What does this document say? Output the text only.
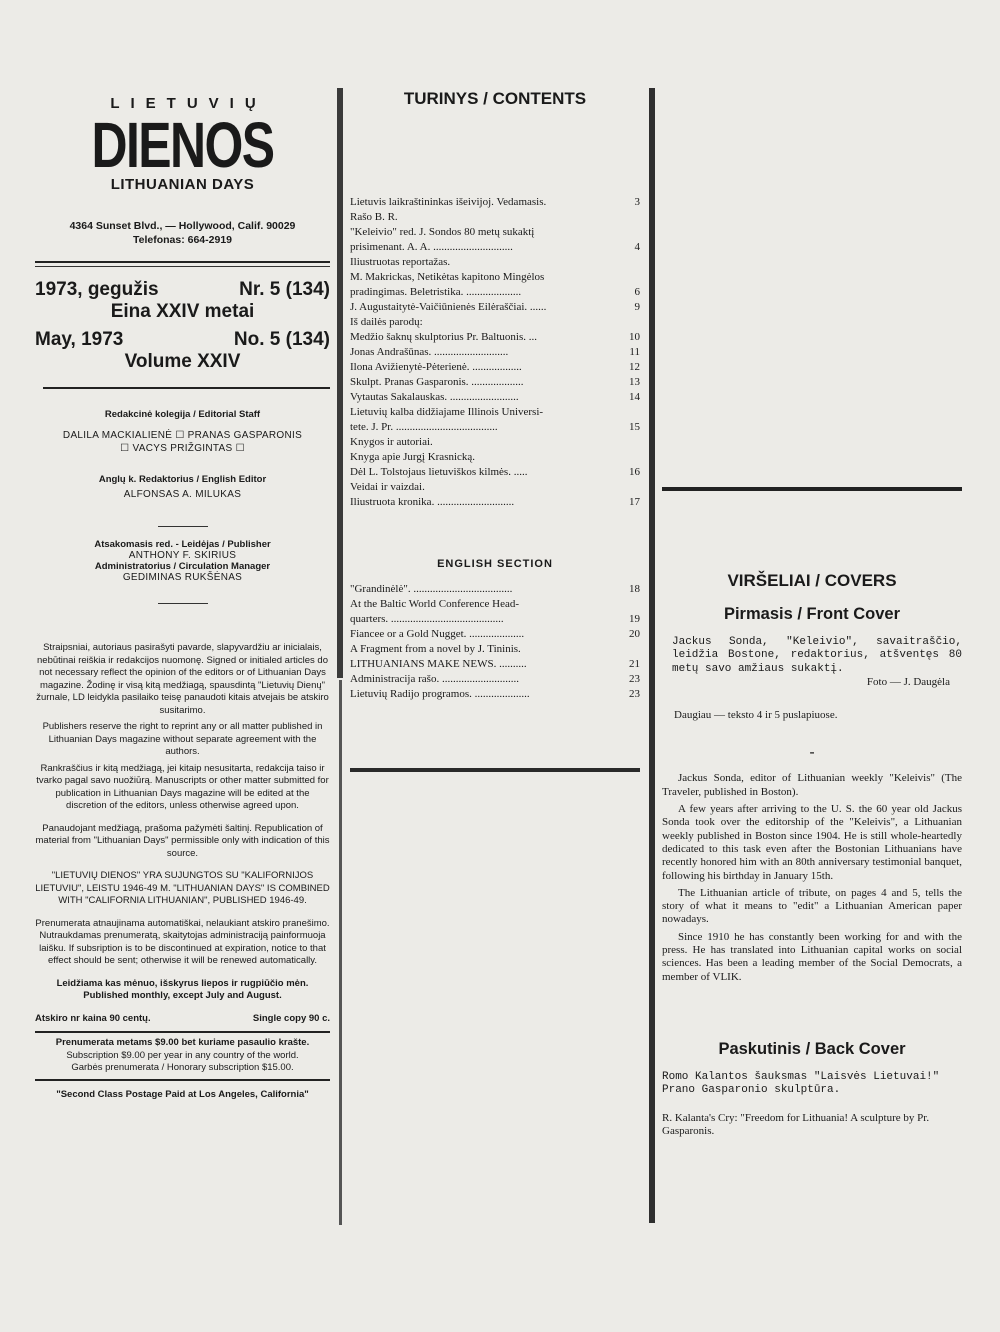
LIETUVIŲ
DIENOS
LITHUANIAN DAYS
4364 Sunset Blvd., — Hollywood, Calif. 90029
Telefonas: 664-2919
1973, gegužis	Nr. 5 (134)
Eina XXIV metai
May, 1973	No. 5 (134)
Volume XXIV
Redakcinė kolegija / Editorial Staff
DALILA MACKIALIENĖ ☐ PRANAS GASPARONIS
☐ VACYS PRIŽGINTAS ☐
Anglų k. Redaktorius / English Editor
ALFONSAS A. MILUKAS
Atsakomasis red. - Leidėjas / Publisher
ANTHONY F. SKIRIUS
Administratorius / Circulation Manager
GEDIMINAS RUKŠĖNAS
Straipsniai, autoriaus pasirašyti pavarde, slapyvardžiu ar inicialais, nebūtinai reiškia ir redakcijos nuomonę. Signed or initialed articles do not necessary reflect the opinion of the editors or of Lithuanian Days magazine. Žodinę ir visą kitą medžiagą, spausdintą "Lietuvių Dienų" žurnale, LD leidykla pasilaiko teisę panaudoti kitais atvejais be atskiro susitarimo.
Publishers reserve the right to reprint any or all matter published in Lithuanian Days magazine without separate agreement with the authors.
Rankraščius ir kitą medžiagą, jei kitaip nesusitarta, redakcija taiso ir tvarko pagal savo nuožiūrą. Manuscripts or other matter submitted for publication in Lithuanian Days magazine will be edited at the discretion of the editors, unless otherwise agreed upon.
Panaudojant medžiagą, prašoma pažymėti šaltinį. Republication of material from "Lithuanian Days" permissible only with indication of this source.
"LIETUVIŲ DIENOS" YRA SUJUNGTOS SU "KALIFORNIJOS LIETUVIU", LEISTU 1946-49 M. "LITHUANIAN DAYS" IS COMBINED WITH "CALIFORNIA LITHUANIAN", PUBLISHED 1946-49.
Prenumerata atnaujinama automatiškai, nelaukiant atskiro pranešimo. Nutraukdamas prenumeratą, skaitytojas administraciją painformuoja laišku. If subsription is to be discontinued at expiration, notice to that effect should be sent; otherwise it will be renewed automatically.
Leidžiama kas mėnuo, išskyrus liepos ir rugpiūčio mėn. Published monthly, except July and August.
Atskiro nr kaina 90 centų.	Single copy 90 c.
Prenumerata metams $9.00 bet kuriame pasaulio krašte.
Subscription $9.00 per year in any country of the world.
Garbės prenumerata / Honorary subscription $15.00.
"Second Class Postage Paid at Los Angeles, California"
TURINYS / CONTENTS
Lietuvis laikraštininkas išeivijoj. Vedamasis.	3
Rašo B. R.
"Keleivio" red. J. Sondos 80 metų sukaktį
prisimenant. A. A. .............................	4
Iliustruotas reportažas.
M. Makrickas, Netikėtas kapitono Mingėlos
pradingimas. Beletristika. ....................	6
J. Augustaitytė-Vaičiūnienės Eilėraščiai. ......	9
Iš dailės parodų:
Medžio šaknų skulptorius Pr. Baltuonis. ...	10
Jonas Andrašūnas. ...........................	11
Ilona Avižienytė-Pėterienė. ..................	12
Skulpt. Pranas Gasparonis. ...................	13
Vytautas Sakalauskas. .........................	14
Lietuvių kalba didžiajame Illinois Universi-
tete. J. Pr. .....................................	15
Knygos ir autoriai.
Knyga apie Jurgį Krasnicką.
Dėl L. Tolstojaus lietuviškos kilmės. .....	16
Veidai ir vaizdai.
Iliustruota kronika. ............................	17
ENGLISH SECTION
"Grandinėlė". ....................................	18
At the Baltic World Conference Head-
quarters. .........................................	19
Fiancee or a Gold Nugget. ....................	20
A Fragment from a novel by J. Tininis.
LITHUANIANS MAKE NEWS. ..........	21
Administracija rašo. ............................	23
Lietuvių Radijo programos. ....................	23
VIRŠELIAI / COVERS
Pirmasis / Front Cover
Jackus Sonda, "Keleivio", savaitraščio, leidžia Bostone, redaktorius, atšventęs 80 metų savo amžiaus sukaktį.
Foto — J. Daugėla
Daugiau — teksto 4 ir 5 puslapiuose.
-

Jackus Sonda, editor of Lithuanian weekly "Keleivis" (The Traveler, published in Boston).

A few years after arriving to the U. S. the 60 year old Jackus Sonda took over the editorship of the "Keleivis", a Lithuanian weekly published in Boston since 1904. He is still whole-heartedly dedicated to this task even after the Bostonian Lithuanians have recently honored him with an 80th anniversary testimonial banquet, following his birthday in January 15th.

The Lithuanian article of tribute, on pages 4 and 5, tells the story of what it means to "edit" a Lithuanian American paper nowadays.

Since 1910 he has constantly been working for and with the press. He has translated into Lithuanian capital works on social sciences. Has been a leading member of the Social Democrats, a member of VLIK.

Paskutinis / Back Cover
Romo Kalantos šauksmas "Laisvės Lietuvai!" Prano Gasparonio skulptūra.
R. Kalanta's Cry: "Freedom for Lithuania! A sculpture by Pr. Gasparonis.
